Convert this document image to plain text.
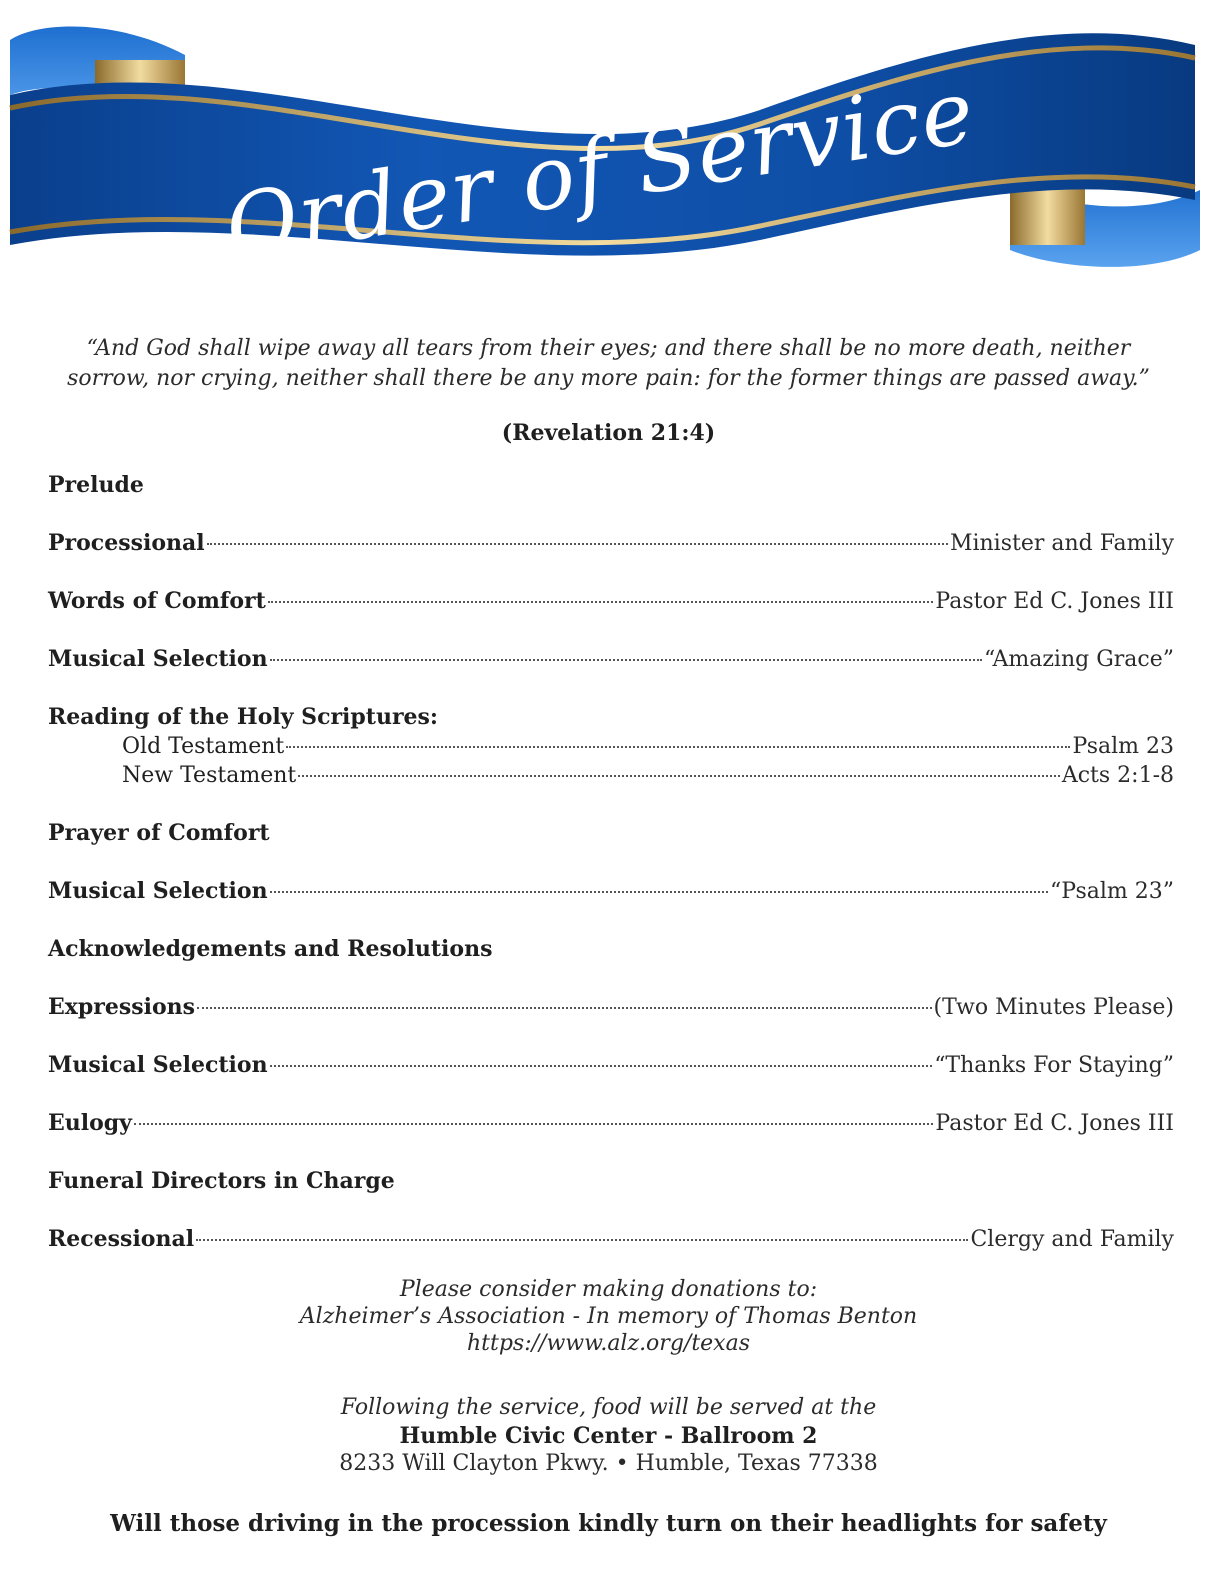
Order of Service
“And God shall wipe away all tears from their eyes; and there shall be no more death, neither
sorrow, nor crying, neither shall there be any more pain: for the former things are passed away.”
(Revelation 21:4)
Prelude
Processional	Minister and Family
Words of Comfort	Pastor Ed C. Jones III
Musical Selection	“Amazing Grace”
Reading of the Holy Scriptures:
Old Testament	Psalm 23
New Testament	Acts 2:1-8
Prayer of Comfort
Musical Selection	“Psalm 23”
Acknowledgements and Resolutions
Expressions	(Two Minutes Please)
Musical Selection	“Thanks For Staying”
Eulogy	Pastor Ed C. Jones III
Funeral Directors in Charge
Recessional	Clergy and Family
Please consider making donations to:
Alzheimer’s Association - In memory of Thomas Benton
https://www.alz.org/texas
Following the service, food will be served at the
Humble Civic Center - Ballroom 2
8233 Will Clayton Pkwy. • Humble, Texas 77338
Will those driving in the procession kindly turn on their headlights for safety
